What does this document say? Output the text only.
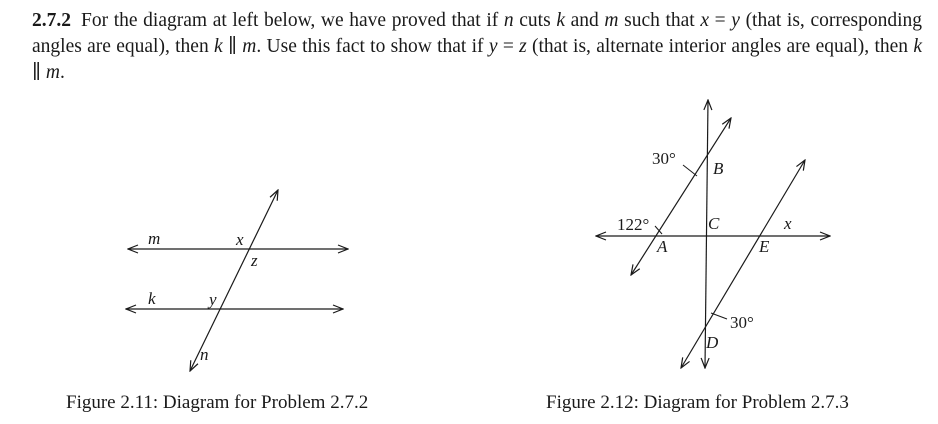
2.7.2 For the diagram at left below, we have proved that if n cuts k and m such that x = y (that is, corresponding angles are equal), then k ∥ m. Use this fact to show that if y = z (that is, alternate interior angles are equal), then k ∥ m.
m
k
x
z
y
n
30°
122°
30°
B
C
A	E
x
D
Figure 2.11: Diagram for Problem 2.7.2	Figure 2.12: Diagram for Problem 2.7.3
